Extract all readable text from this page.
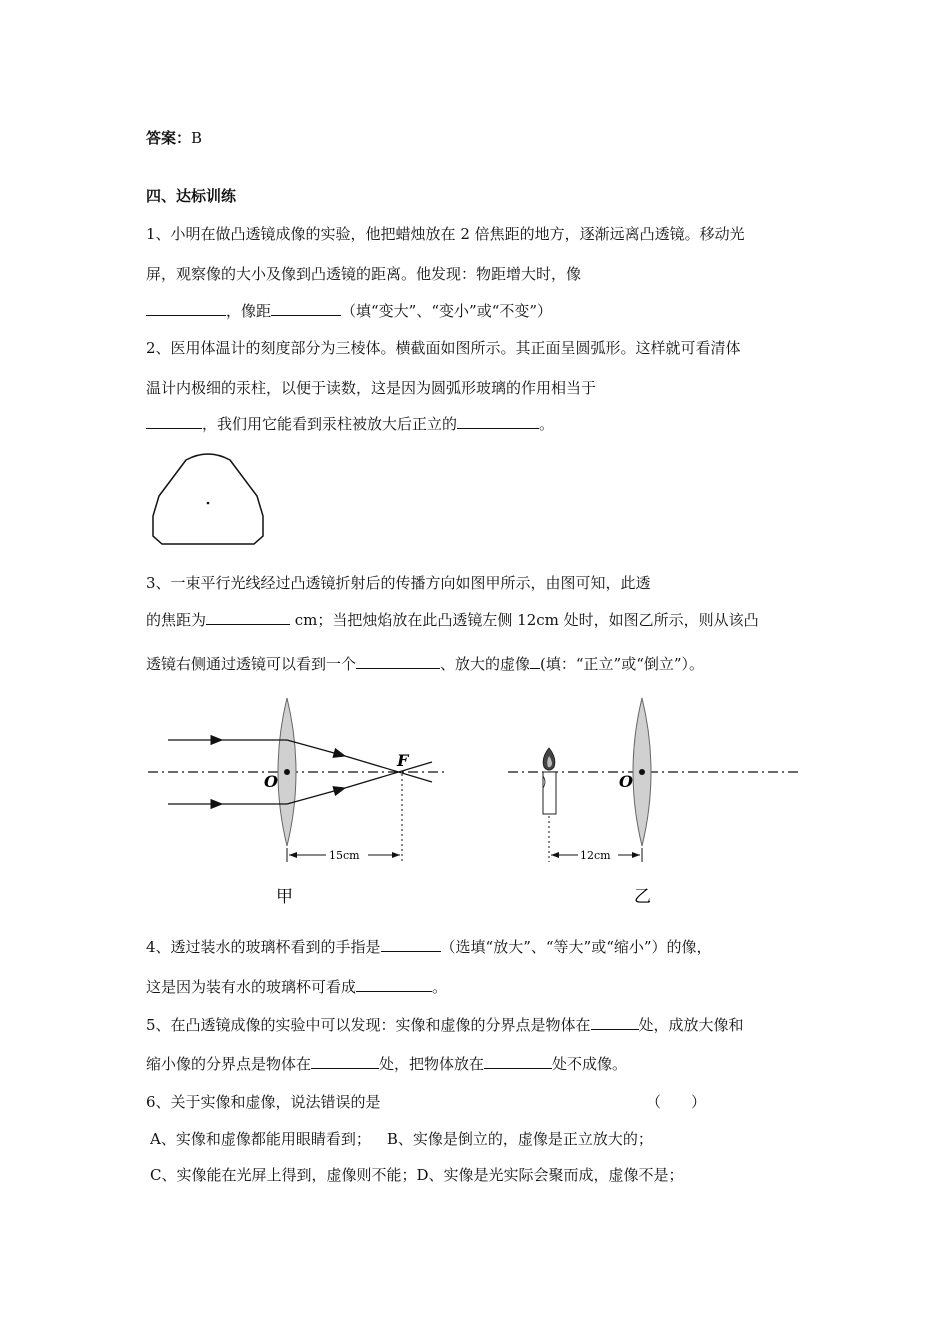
答案：B
四、达标训练
1、小明在做凸透镜成像的实验，他把蜡烛放在 2 倍焦距的地方，逐渐远离凸透镜。移动光
屏，观察像的大小及像到凸透镜的距离。他发现：物距增大时，像
，像距	（填“变大”、“变小”或“不变”）
2、医用体温计的刻度部分为三棱体。横截面如图所示。其正面呈圆弧形。这样就可看清体
温计内极细的汞柱，以便于读数，这是因为圆弧形玻璃的作用相当于
，我们用它能看到汞柱被放大后正立的	。
3、一束平行光线经过凸透镜折射后的传播方向如图甲所示，由图可知，此透
的焦距为	cm；当把烛焰放在此凸透镜左侧 12cm 处时，如图乙所示，则从该凸
透镜右侧通过透镜可以看到一个	、放大的虚像 (填：“正立”或“倒立”）。
O
F
15cm
甲
O
12cm
乙
4、透过装水的玻璃杯看到的手指是	（选填“放大”、“等大”或“缩小”）的像，
这是因为装有水的玻璃杯可看成	。
5、在凸透镜成像的实验中可以发现：实像和虚像的分界点是物体在	处，成放大像和
缩小像的分界点是物体在	处，把物体放在	处不成像。
6、关于实像和虚像，说法错误的是	（　　）
A、实像和虚像都能用眼睛看到； B、实像是倒立的，虚像是正立放大的；
C、实像能在光屏上得到，虚像则不能；D、实像是光实际会聚而成，虚像不是；
